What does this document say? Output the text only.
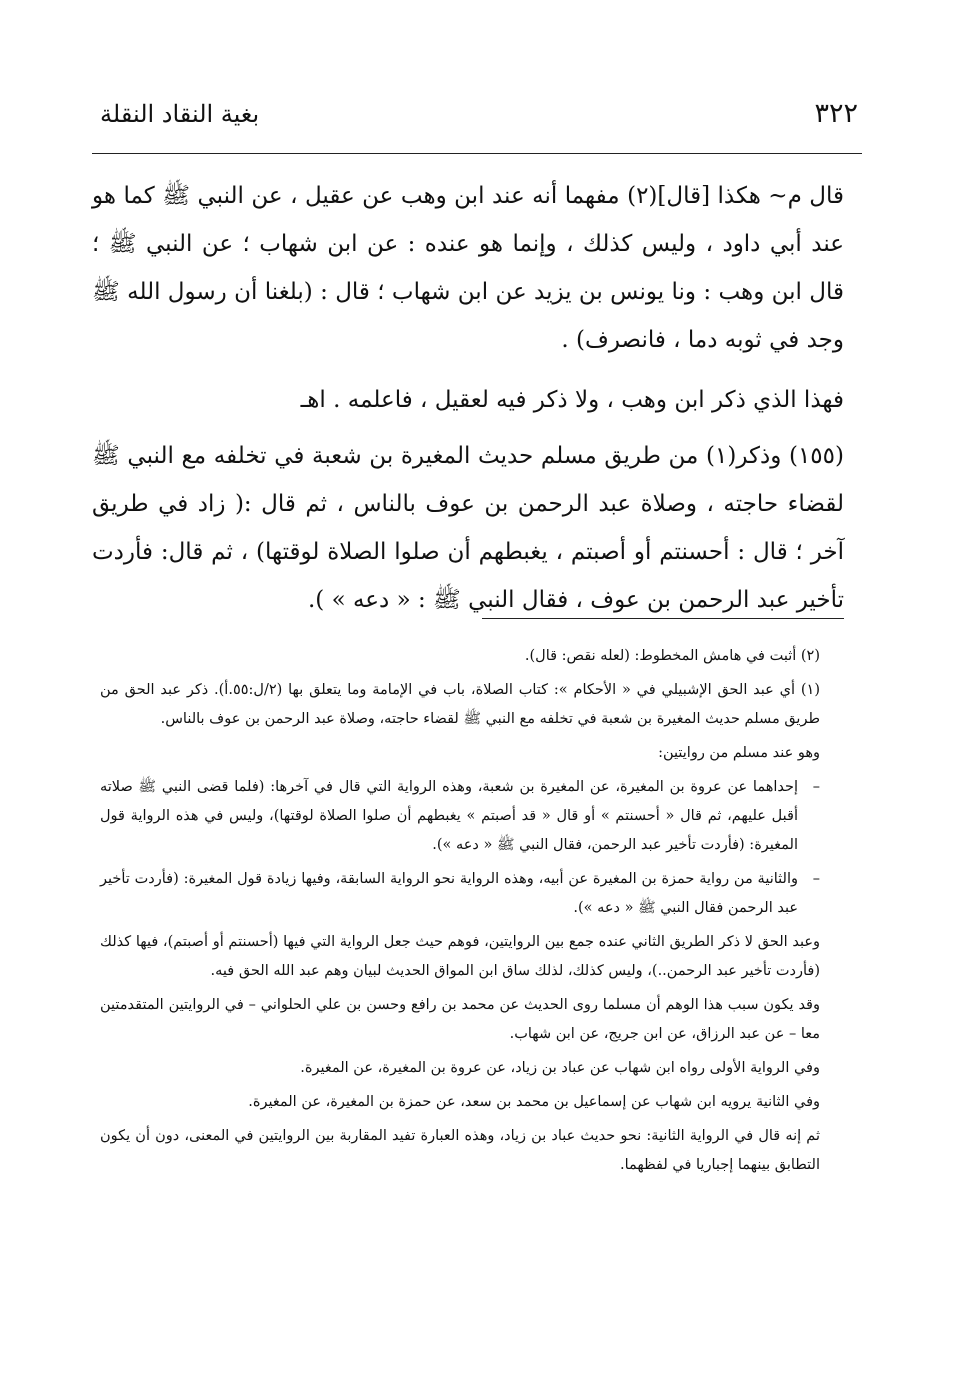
٣٢٢
بغية النقاد النقلة

قال م~ هكذا [قال](٢) مفهما أنه عند ابن وهب عن عقيل ، عن النبي ﷺ كما هو عند أبي داود ، وليس كذلك ، وإنما هو عنده : عن ابن شهاب ؛ عن النبي ﷺ ؛ قال ابن وهب : ونا يونس بن يزيد عن ابن شهاب ؛ قال : (بلغنا أن رسول الله ﷺ وجد في ثوبه دما ، فانصرف) .

فهذا الذي ذكر ابن وهب ، ولا ذكر فيه لعقيل ، فاعلمه . اهـ

(١٥٥) وذكر(١) من طريق مسلم حديث المغيرة بن شعبة في تخلفه مع النبي ﷺ لقضاء حاجته ، وصلاة عبد الرحمن بن عوف بالناس ، ثم قال :( زاد في طريق آخر ؛ قال : أحسنتم أو أصبتم ، يغبطهم أن صلوا الصلاة لوقتها) ، ثم قال: فأردت تأخير عبد الرحمن بن عوف ، فقال النبي ﷺ : « دعه » ).

(٢) أثبت في هامش المخطوط: (لعله نقص: قال).

(١) أي عبد الحق الإشبيلي في « الأحكام »: كتاب الصلاة، باب في الإمامة وما يتعلق بها (٢/ل:٥٥.أ). ذكر عبد الحق من طريق مسلم حديث المغيرة بن شعبة في تخلفه مع النبي ﷺ لقضاء حاجته، وصلاة عبد الرحمن بن عوف بالناس.

وهو عند مسلم من روايتين:

–

إحداهما عن عروة بن المغيرة، عن المغيرة بن شعبة، وهذه الرواية التي قال في آخرها: (فلما قضى النبي ﷺ صلاته أقبل عليهم، ثم قال « أحسنتم » أو قال « قد أصبتم » يغبطهم أن صلوا الصلاة لوقتها)، وليس في هذه الرواية قول المغيرة: (فأردت تأخير عبد الرحمن، فقال النبي ﷺ « دعه »).

–

والثانية من رواية حمزة بن المغيرة عن أبيه، وهذه الرواية نحو الرواية السابقة، وفيها زيادة قول المغيرة: (فأردت تأخير عبد الرحمن فقال النبي ﷺ « دعه »).

وعبد الحق لا ذكر الطريق الثاني عنده جمع بين الروايتين، فوهم حيث جعل الرواية التي فيها (أحسنتم أو أصبتم)، فيها كذلك (فأردت تأخير عبد الرحمن..)، وليس كذلك، لذلك ساق ابن المواق الحديث لبيان وهم عبد الله الحق فيه.

وقد يكون سبب هذا الوهم أن مسلما روى الحديث عن محمد بن رافع وحسن بن علي الحلواني – في الروايتين المتقدمتين معا – عن عبد الرزاق، عن ابن جريج، عن ابن شهاب.

وفي الرواية الأولى رواه ابن شهاب عن عباد بن زياد، عن عروة بن المغيرة، عن المغيرة.

وفي الثانية يرويه ابن شهاب عن إسماعيل بن محمد بن سعد، عن حمزة بن المغيرة، عن المغيرة.

ثم إنه قال في الرواية الثانية: نحو حديث عباد بن زياد، وهذه العبارة تفيد المقاربة بين الروايتين في المعنى، دون أن يكون التطابق بينهما إجباريا في لفظهما.
